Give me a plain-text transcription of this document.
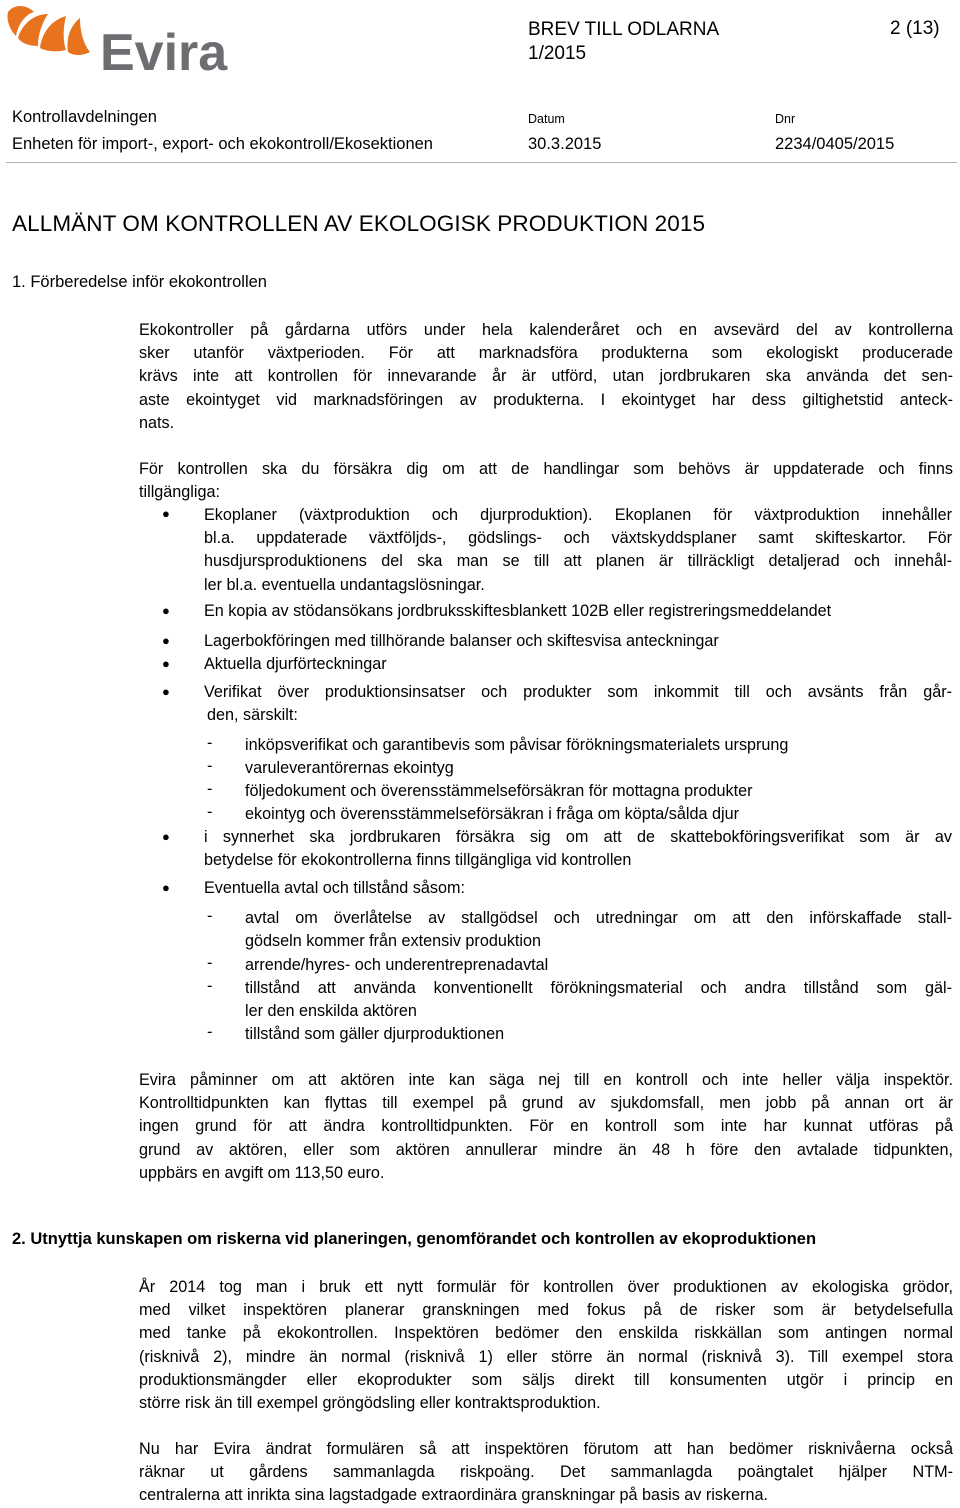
Evira	BREV TILL ODLARNA
1/2015
2 (13)
Kontrollavdelningen
Enheten för import-, export- och ekokontroll/Ekosektionen
Datum
30.3.2015
Dnr
2234/0405/2015
ALLMÄNT OM KONTROLLEN AV EKOLOGISK PRODUKTION 2015
1. Förberedelse inför ekokontrollen
Ekokontroller på gårdarna utförs under hela kalenderåret och en avsevärd del av kontrollerna
sker utanför växtperioden. För att marknadsföra produkterna som ekologiskt producerade
krävs inte att kontrollen för innevarande år är utförd, utan jordbrukaren ska använda det sen-
aste ekointyget vid marknadsföringen av produkterna. I ekointyget har dess giltighetstid anteck-
nats.
För kontrollen ska du försäkra dig om att de handlingar som behövs är uppdaterade och finns
tillgängliga:
● Ekoplaner (växtproduktion och djurproduktion). Ekoplanen för växtproduktion innehåller
bl.a. uppdaterade växtföljds-, gödslings- och växtskyddsplaner samt skifteskartor. För
husdjursproduktionens del ska man se till att planen är tillräckligt detaljerad och innehål-
ler bl.a. eventuella undantagslösningar.
● En kopia av stödansökans jordbruksskiftesblankett 102B eller registreringsmeddelandet
● Lagerbokföringen med tillhörande balanser och skiftesvisa anteckningar
● Aktuella djurförteckningar
● Verifikat över produktionsinsatser och produkter som inkommit till och avsänts från går-
den, särskilt:
- inköpsverifikat och garantibevis som påvisar förökningsmaterialets ursprung
- varuleverantörernas ekointyg
- följedokument och överensstämmelseförsäkran för mottagna produkter
- ekointyg och överensstämmelseförsäkran i fråga om köpta/sålda djur
● i synnerhet ska jordbrukaren försäkra sig om att de skattebokföringsverifikat som är av
betydelse för ekokontrollerna finns tillgängliga vid kontrollen
● Eventuella avtal och tillstånd såsom:
- avtal om överlåtelse av stallgödsel och utredningar om att den införskaffade stall-
gödseln kommer från extensiv produktion
- arrende/hyres- och underentreprenadavtal
- tillstånd att använda konventionellt förökningsmaterial och andra tillstånd som gäl-
ler den enskilda aktören
- tillstånd som gäller djurproduktionen
Evira påminner om att aktören inte kan säga nej till en kontroll och inte heller välja inspektör.
Kontrolltidpunkten kan flyttas till exempel på grund av sjukdomsfall, men jobb på annan ort är
ingen grund för att ändra kontrolltidpunkten. För en kontroll som inte har kunnat utföras på
grund av aktören, eller som aktören annullerar mindre än 48 h före den avtalade tidpunkten,
uppbärs en avgift om 113,50 euro.
2. Utnyttja kunskapen om riskerna vid planeringen, genomförandet och kontrollen av ekoproduktionen
År 2014 tog man i bruk ett nytt formulär för kontrollen över produktionen av ekologiska grödor,
med vilket inspektören planerar granskningen med fokus på de risker som är betydelsefulla
med tanke på ekokontrollen. Inspektören bedömer den enskilda riskkällan som antingen normal
(risknivå 2), mindre än normal (risknivå 1) eller större än normal (risknivå 3). Till exempel stora
produktionsmängder eller ekoprodukter som säljs direkt till konsumenten utgör i princip en
större risk än till exempel gröngödsling eller kontraktsproduktion.
Nu har Evira ändrat formulären så att inspektören förutom att han bedömer risknivåerna också
räknar ut gårdens sammanlagda riskpoäng. Det sammanlagda poängtalet hjälper NTM-
centralerna att inrikta sina lagstadgade extraordinära granskningar på basis av riskerna.
